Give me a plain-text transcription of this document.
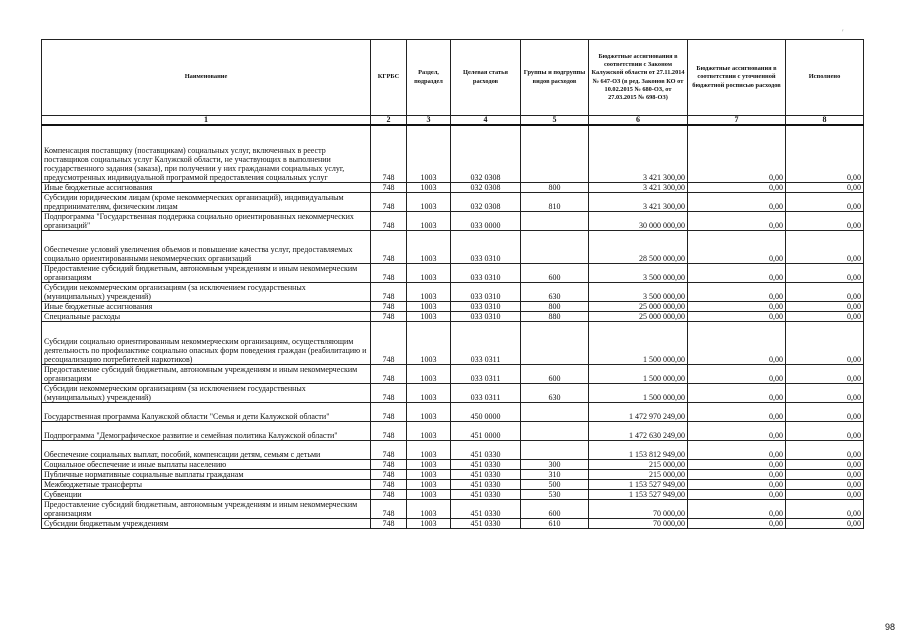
Наименование	КГРБС	Раздел, подраздел	Целевая статья расходов	Группы и подгруппы видов расходов	Бюджетные ассигнования в соответствии с Законом Калужской области от 27.11.2014 № 647-ОЗ (в ред. Законов КО от 10.02.2015 № 680-ОЗ, от 27.03.2015 № 698-ОЗ)	Бюджетные ассигнования в соответствии с уточненной бюджетной росписью расходов	Исполнено
1	2	3	4	5	6	7	8
Компенсация поставщику (поставщикам) социальных услуг, включенных в реестр поставщиков социальных услуг Калужской области, не участвующих в выполнении государственного задания (заказа), при получении у них гражданами социальных услуг, предусмотренных индивидуальной программой предоставления социальных услуг	748	1003	032 0308		3 421 300,00	0,00	0,00
Иные бюджетные ассигнования	748	1003	032 0308	800	3 421 300,00	0,00	0,00
Субсидии юридическим лицам (кроме некоммерческих организаций), индивидуальным предпринимателям, физическим лицам	748	1003	032 0308	810	3 421 300,00	0,00	0,00
Подпрограмма "Государственная поддержка социально ориентированных некоммерческих организаций"	748	1003	033 0000		30 000 000,00	0,00	0,00
Обеспечение условий увеличения объемов и повышение качества услуг, предоставляемых социально ориентированными некоммерческих организаций	748	1003	033 0310		28 500 000,00	0,00	0,00
Предоставление субсидий бюджетным, автономным учреждениям и иным некоммерческим организациям	748	1003	033 0310	600	3 500 000,00	0,00	0,00
Субсидии некоммерческим организациям (за исключением государственных (муниципальных) учреждений)	748	1003	033 0310	630	3 500 000,00	0,00	0,00
Иные бюджетные ассигнования	748	1003	033 0310	800	25 000 000,00	0,00	0,00
Специальные расходы	748	1003	033 0310	880	25 000 000,00	0,00	0,00
Субсидии социально ориентированным некоммерческим организациям, осуществляющим деятельность по профилактике социально опасных форм поведения граждан (реабилитацию и ресоциализацию потребителей наркотиков)	748	1003	033 0311		1 500 000,00	0,00	0,00
Предоставление субсидий бюджетным, автономным учреждениям и иным некоммерческим организациям	748	1003	033 0311	600	1 500 000,00	0,00	0,00
Субсидии некоммерческим организациям (за исключением государственных (муниципальных) учреждений)	748	1003	033 0311	630	1 500 000,00	0,00	0,00
Государственная программа Калужской области "Семья и дети Калужской области"	748	1003	450 0000		1 472 970 249,00	0,00	0,00
Подпрограмма "Демографическое развитие и семейная политика Калужской области"	748	1003	451 0000		1 472 630 249,00	0,00	0,00
Обеспечение социальных выплат, пособий, компенсации детям, семьям с детьми	748	1003	451 0330		1 153 812 949,00	0,00	0,00
Социальное обеспечение и иные выплаты населению	748	1003	451 0330	300	215 000,00	0,00	0,00
Публичные нормативные социальные выплаты гражданам	748	1003	451 0330	310	215 000,00	0,00	0,00
Межбюджетные трансферты	748	1003	451 0330	500	1 153 527 949,00	0,00	0,00
Субвенции	748	1003	451 0330	530	1 153 527 949,00	0,00	0,00
Предоставление субсидий бюджетным, автономным учреждениям и иным некоммерческим организациям	748	1003	451 0330	600	70 000,00	0,00	0,00
Субсидии бюджетным учреждениям	748	1003	451 0330	610	70 000,00	0,00	0,00
98
′
